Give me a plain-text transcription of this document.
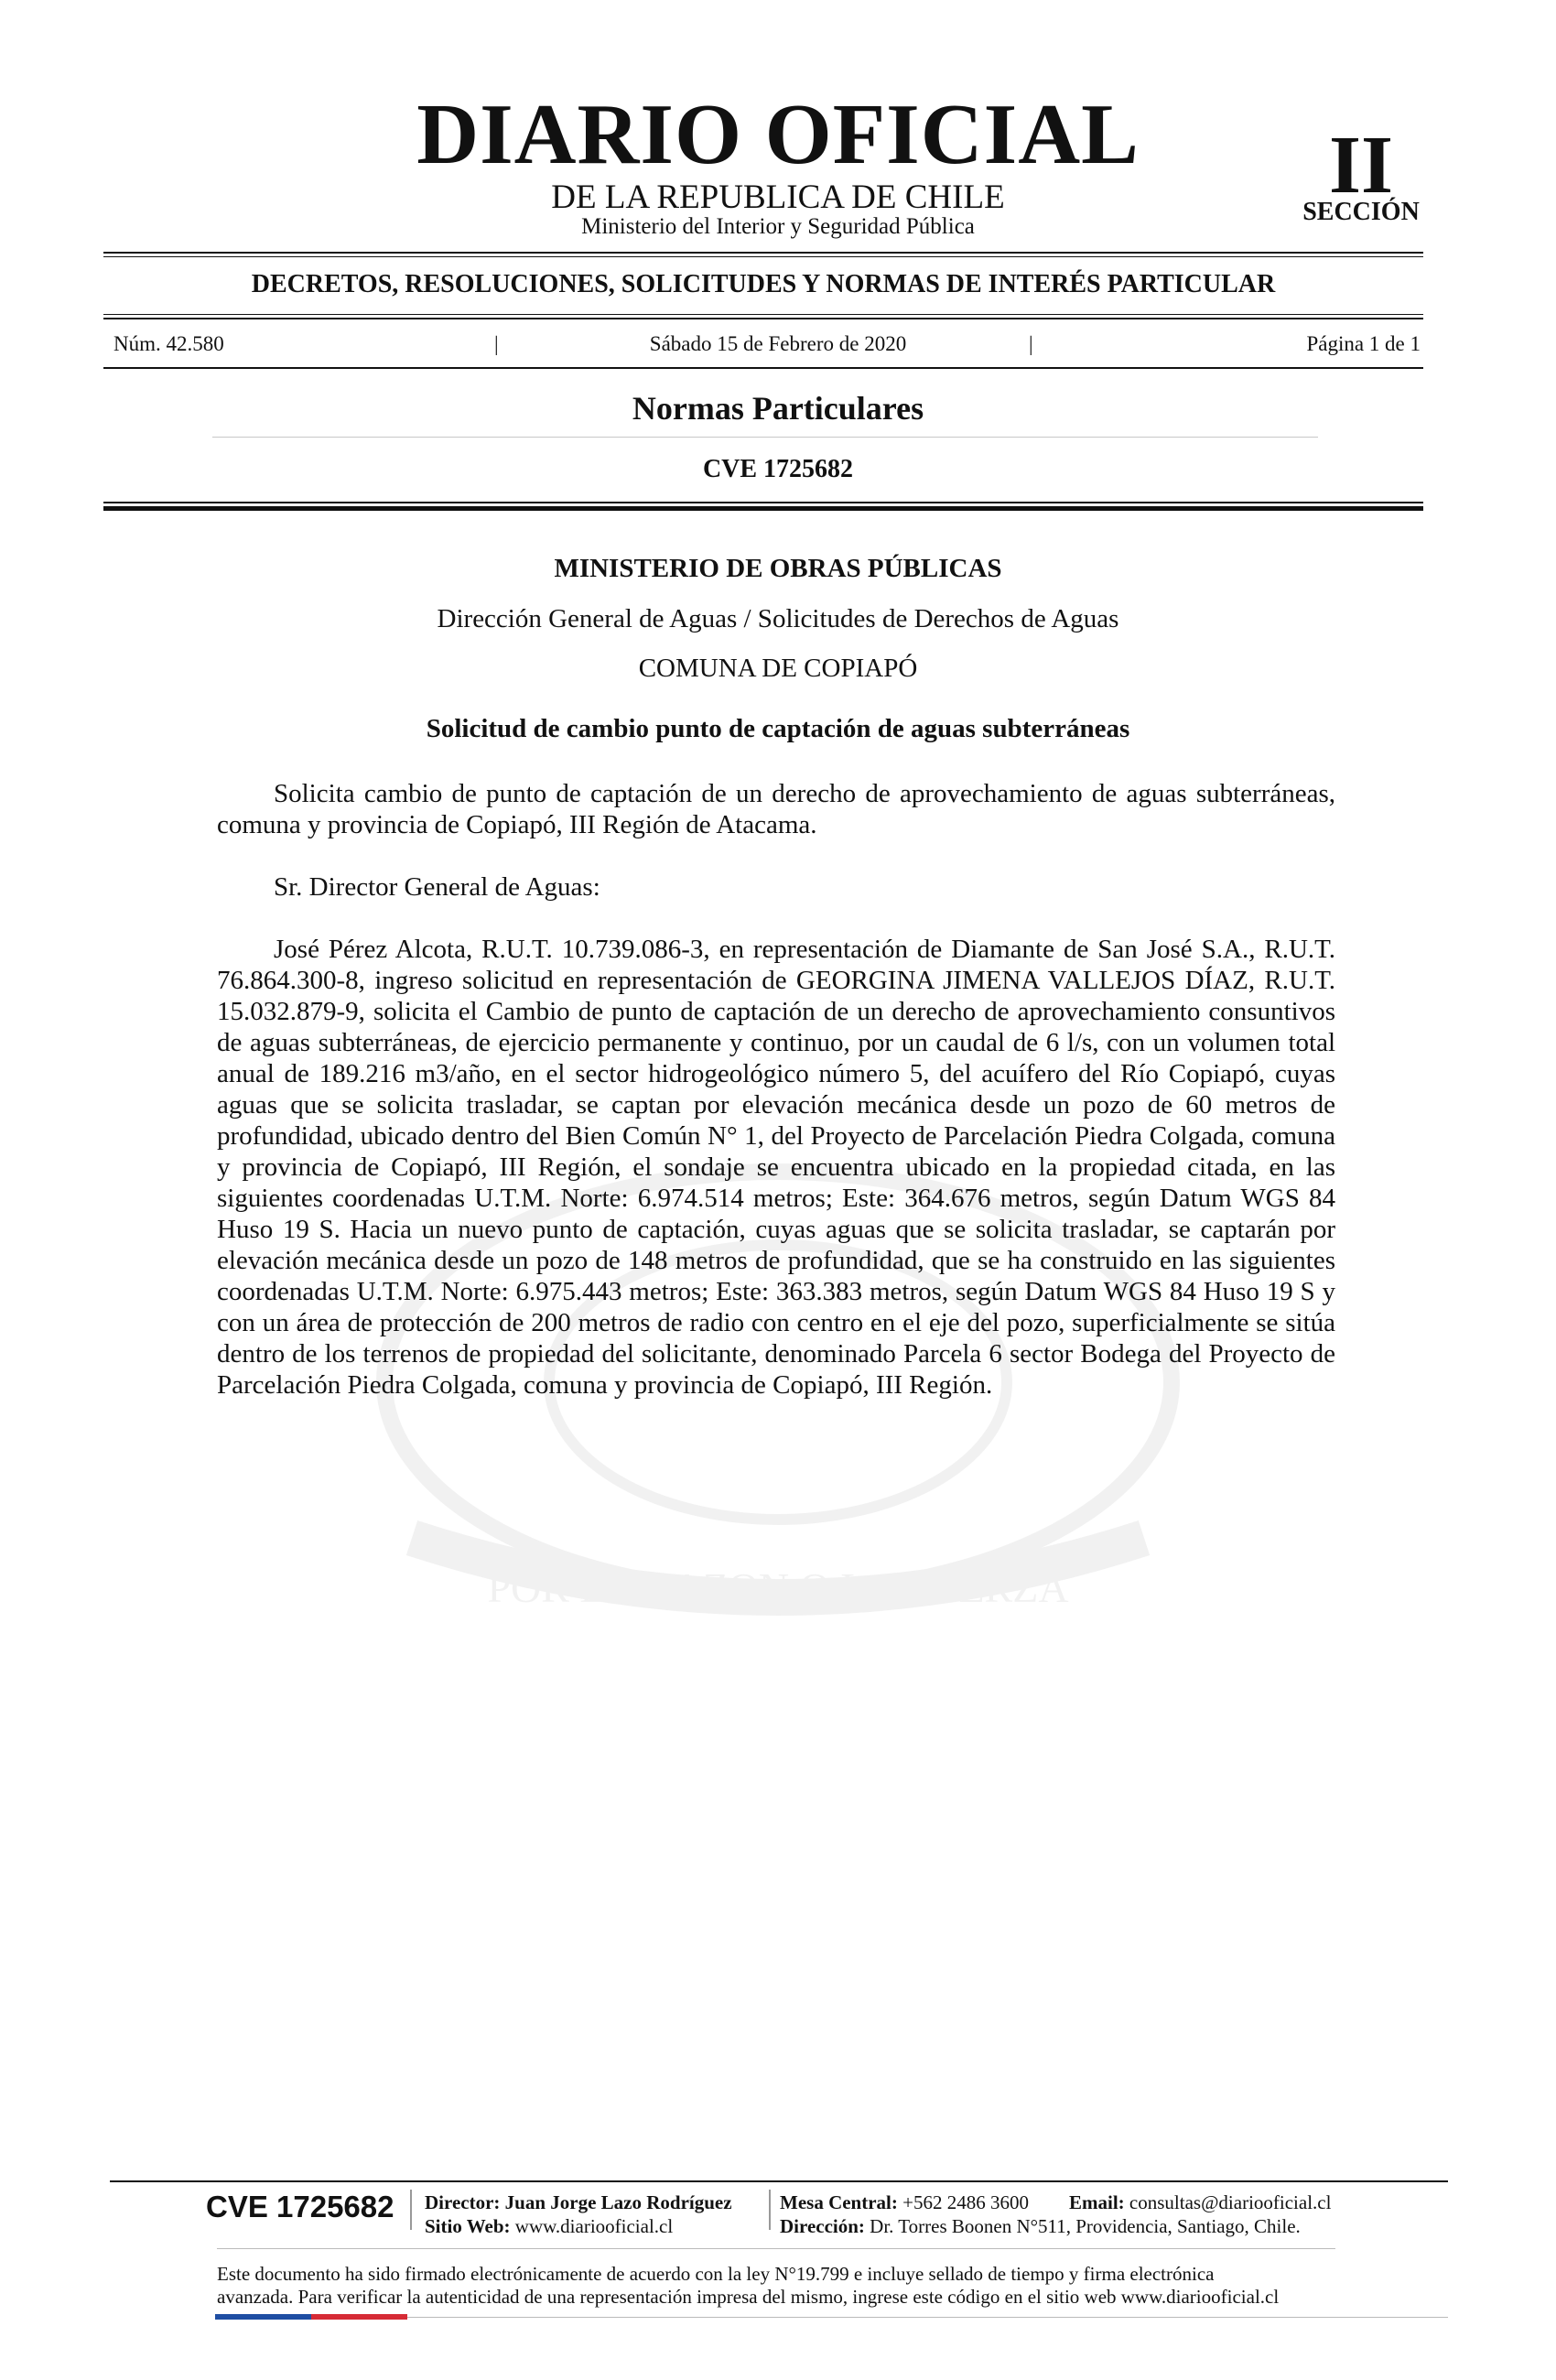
DIARIO OFICIAL
DE LA REPUBLICA DE CHILE
Ministerio del Interior y Seguridad Pública
II
SECCIÓN
DECRETOS, RESOLUCIONES, SOLICITUDES Y NORMAS DE INTERÉS PARTICULAR
Núm. 42.580	|	Sábado 15 de Febrero de 2020	|	Página 1 de 1
Normas Particulares
CVE 1725682
POR LA RAZON O LA FUERZA
MINISTERIO DE OBRAS PÚBLICAS
Dirección General de Aguas / Solicitudes de Derechos de Aguas
COMUNA DE COPIAPÓ
Solicitud de cambio punto de captación de aguas subterráneas

Solicita cambio de punto de captación de un derecho de aprovechamiento de aguas subterráneas, comuna y provincia de Copiapó, III Región de Atacama.

Sr. Director General de Aguas:

José Pérez Alcota, R.U.T. 10.739.086-3, en representación de Diamante de San José S.A., R.U.T. 76.864.300-8, ingreso solicitud en representación de GEORGINA JIMENA VALLEJOS DÍAZ, R.U.T. 15.032.879-9, solicita el Cambio de punto de captación de un derecho de aprovechamiento consuntivos de aguas subterráneas, de ejercicio permanente y continuo, por un caudal de 6 l/s, con un volumen total anual de 189.216 m3/año, en el sector hidrogeológico número 5, del acuífero del Río Copiapó, cuyas aguas que se solicita trasladar, se captan por elevación mecánica desde un pozo de 60 metros de profundidad, ubicado dentro del Bien Común N° 1, del Proyecto de Parcelación Piedra Colgada, comuna y provincia de Copiapó, III Región, el sondaje se encuentra ubicado en la propiedad citada, en las siguientes coordenadas U.T.M. Norte: 6.974.514 metros; Este: 364.676 metros, según Datum WGS 84 Huso 19 S. Hacia un nuevo punto de captación, cuyas aguas que se solicita trasladar, se captarán por elevación mecánica desde un pozo de 148 metros de profundidad, que se ha construido en las siguientes coordenadas U.T.M. Norte: 6.975.443 metros; Este: 363.383 metros, según Datum WGS 84 Huso 19 S y con un área de protección de 200 metros de radio con centro en el eje del pozo, superficialmente se sitúa dentro de los terrenos de propiedad del solicitante, denominado Parcela 6 sector Bodega del Proyecto de Parcelación Piedra Colgada, comuna y provincia de Copiapó, III Región.

CVE 1725682 Director: Juan Jorge Lazo Rodríguez
Sitio Web: www.diariooficial.cl
Mesa Central: +562 2486 3600 Email: consultas@diariooficial.cl
Dirección: Dr. Torres Boonen N°511, Providencia, Santiago, Chile.
Este documento ha sido firmado electrónicamente de acuerdo con la ley N°19.799 e incluye sellado de tiempo y firma electrónica
avanzada. Para verificar la autenticidad de una representación impresa del mismo, ingrese este código en el sitio web www.diariooficial.cl
